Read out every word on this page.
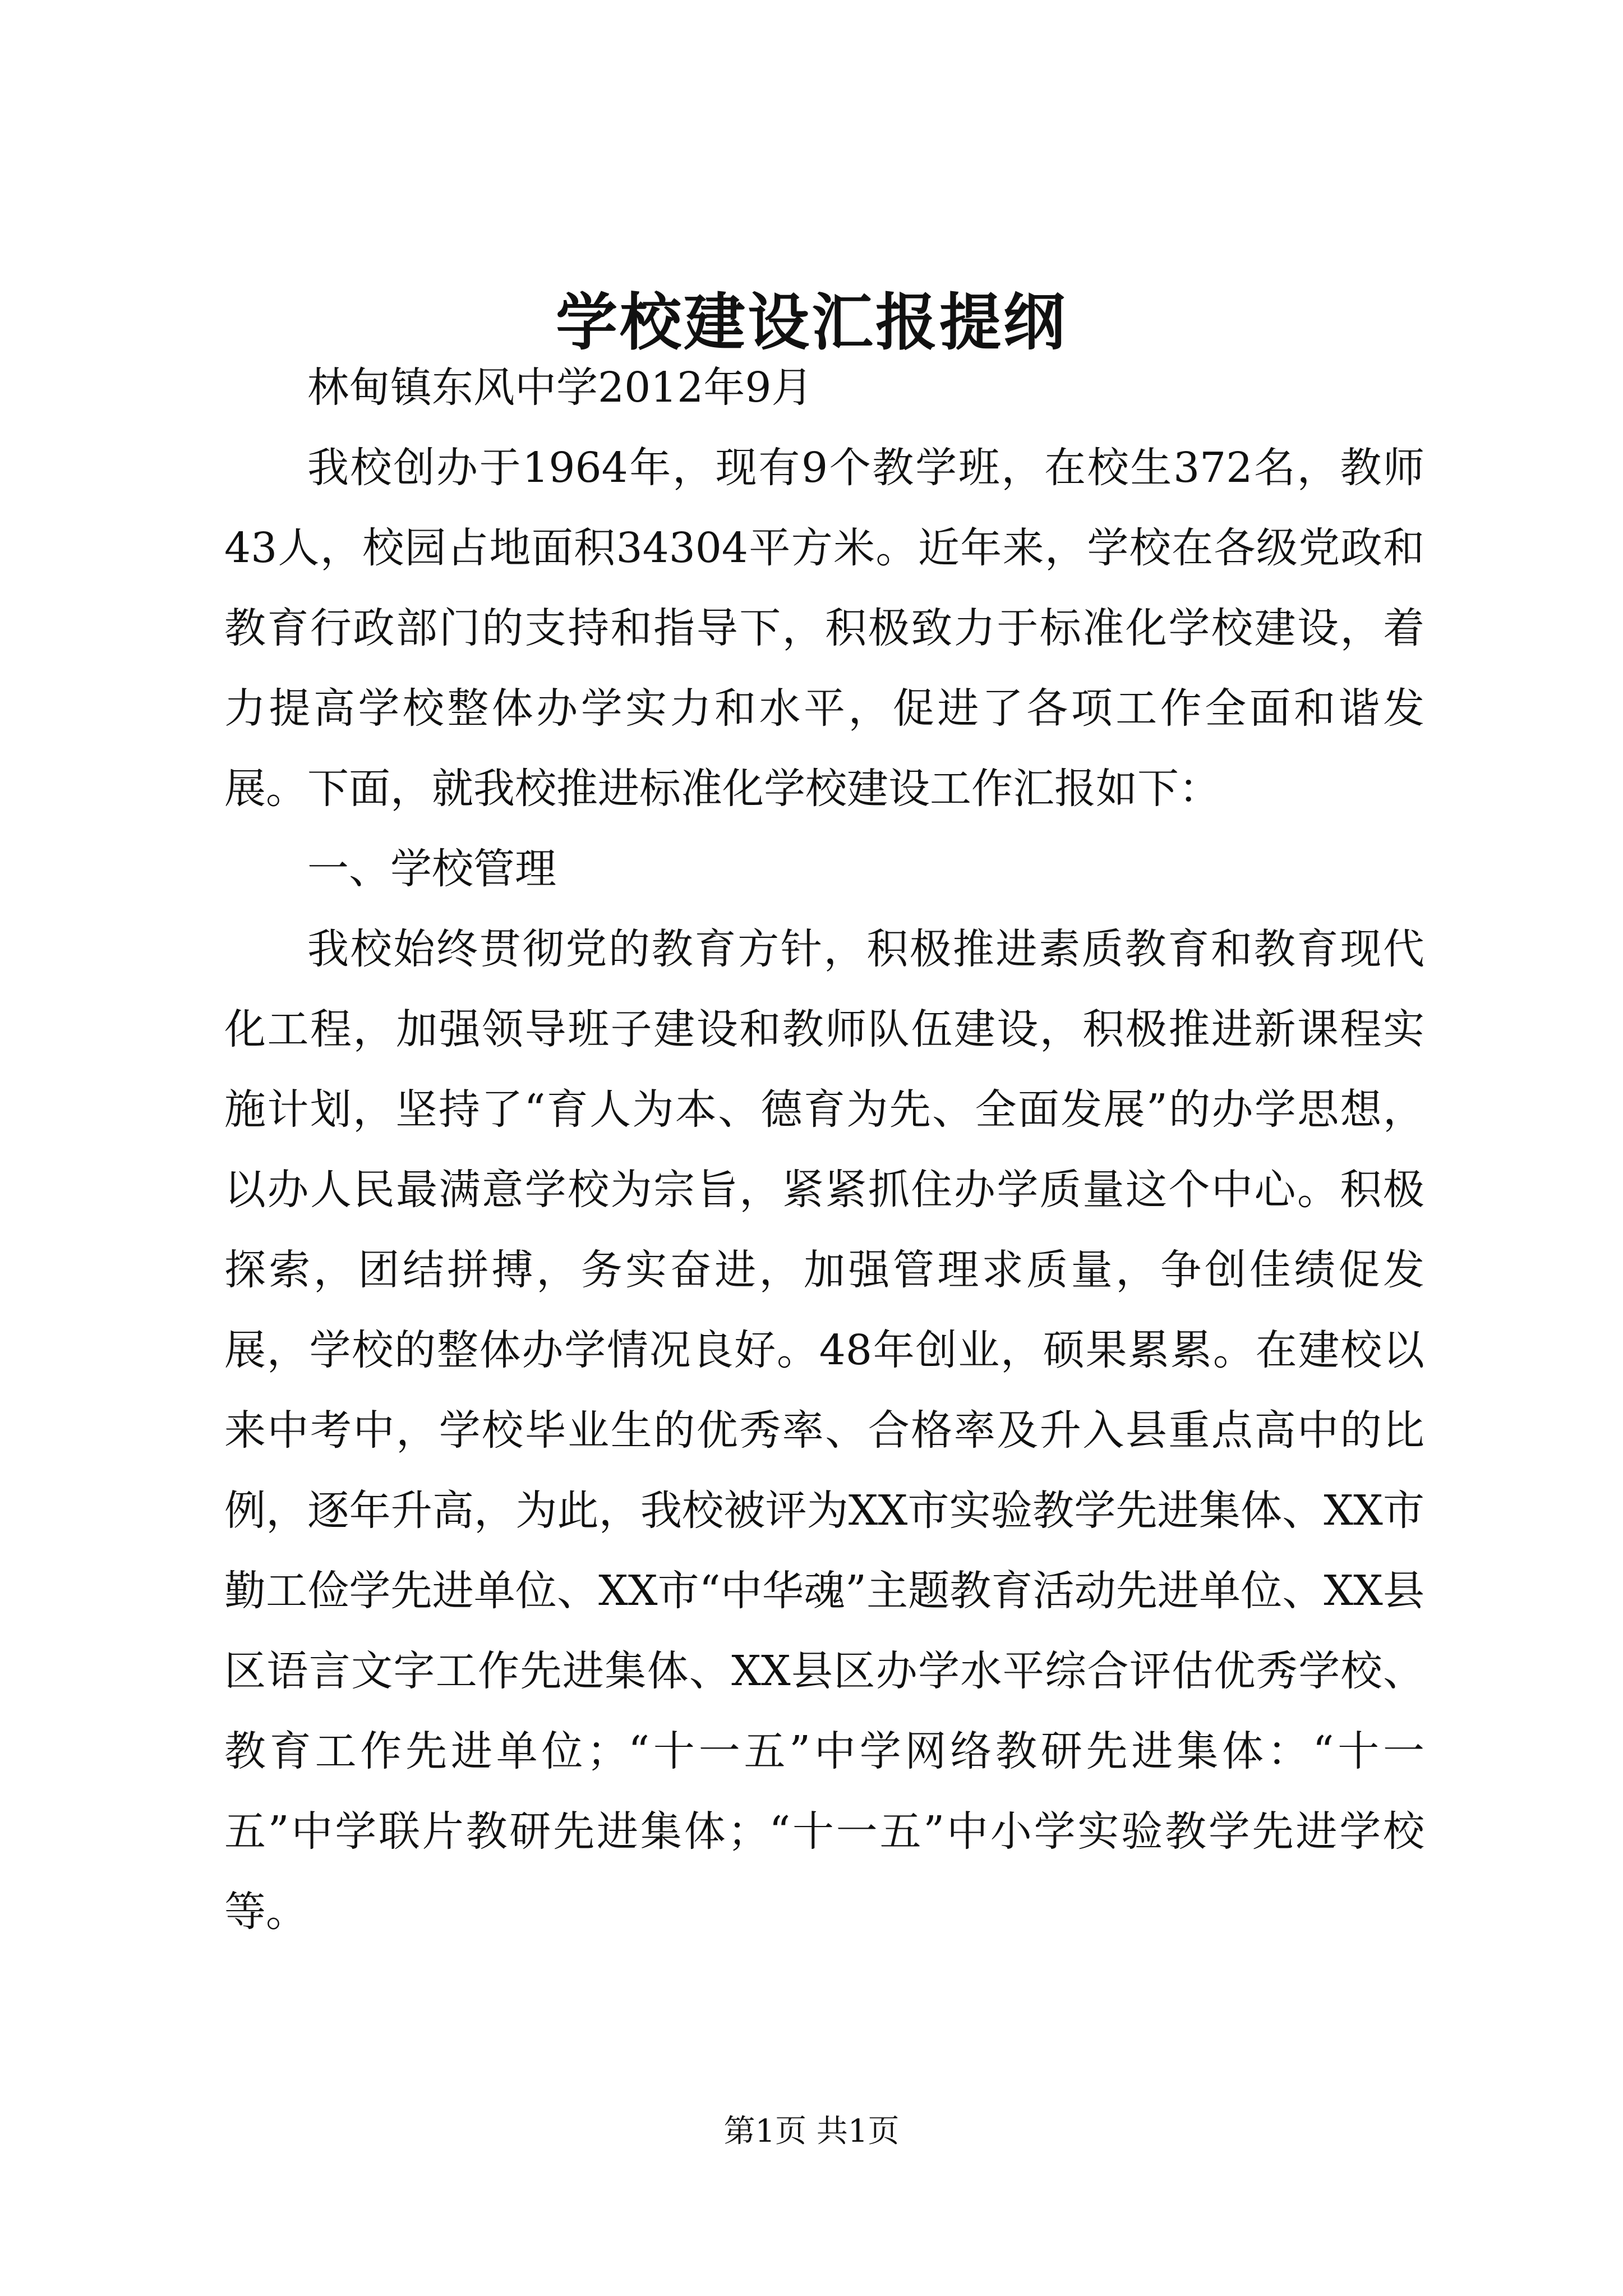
学校建设汇报提纲

林甸镇东风中学2012年9月

我校创办于1964年，现有9个教学班，在校生372名，教师43人，校园占地面积34304平方米。近年来，学校在各级党政和教育行政部门的支持和指导下，积极致力于标准化学校建设，着力提高学校整体办学实力和水平，促进了各项工作全面和谐发展。下面，就我校推进标准化学校建设工作汇报如下：

一、学校管理

我校始终贯彻党的教育方针，积极推进素质教育和教育现代化工程，加强领导班子建设和教师队伍建设，积极推进新课程实施计划，坚持了“育人为本、德育为先、全面发展”的办学思想，以办人民最满意学校为宗旨，紧紧抓住办学质量这个中心。积极探索，团结拼搏，务实奋进，加强管理求质量，争创佳绩促发展，学校的整体办学情况良好。48年创业，硕果累累。在建校以来中考中，学校毕业生的优秀率、合格率及升入县重点高中的比例，逐年升高，为此，我校被评为XX市实验教学先进集体、XX市勤工俭学先进单位、XX市“中华魂”主题教育活动先进单位、XX县区语言文字工作先进集体、XX县区办学水平综合评估优秀学校、教育工作先进单位；“十一五”中学网络教研先进集体：“十一五”中学联片教研先进集体；“十一五”中小学实验教学先进学校等。

第1页 共1页
